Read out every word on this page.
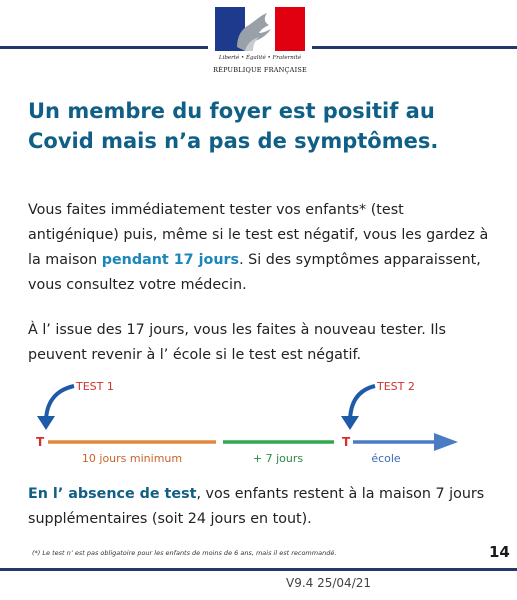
Liberté • Égalité • Fraternité
RÉPUBLIQUE FRANÇAISE
Un membre du foyer est positif au
Covid mais n’a pas de symptômes.
Vous faites immédiatement tester vos enfants* (test antigénique) puis, même si le test est négatif, vous les gardez à la maison pendant 17 jours. Si des symptômes apparaissent, vous consultez votre médecin.
À l’ issue des 17 jours, vous les faites à nouveau tester. Ils peuvent revenir à l’ école si le test est négatif.
TEST 1	TEST 2
T	T
10 jours minimum	+ 7 jours	école
En l’ absence de test, vos enfants restent à la maison 7 jours supplémentaires (soit 24 jours en tout).
(*) Le test n’ est pas obligatoire pour les enfants de moins de 6 ans, mais il est recommandé.	14
V9.4 25/04/21
